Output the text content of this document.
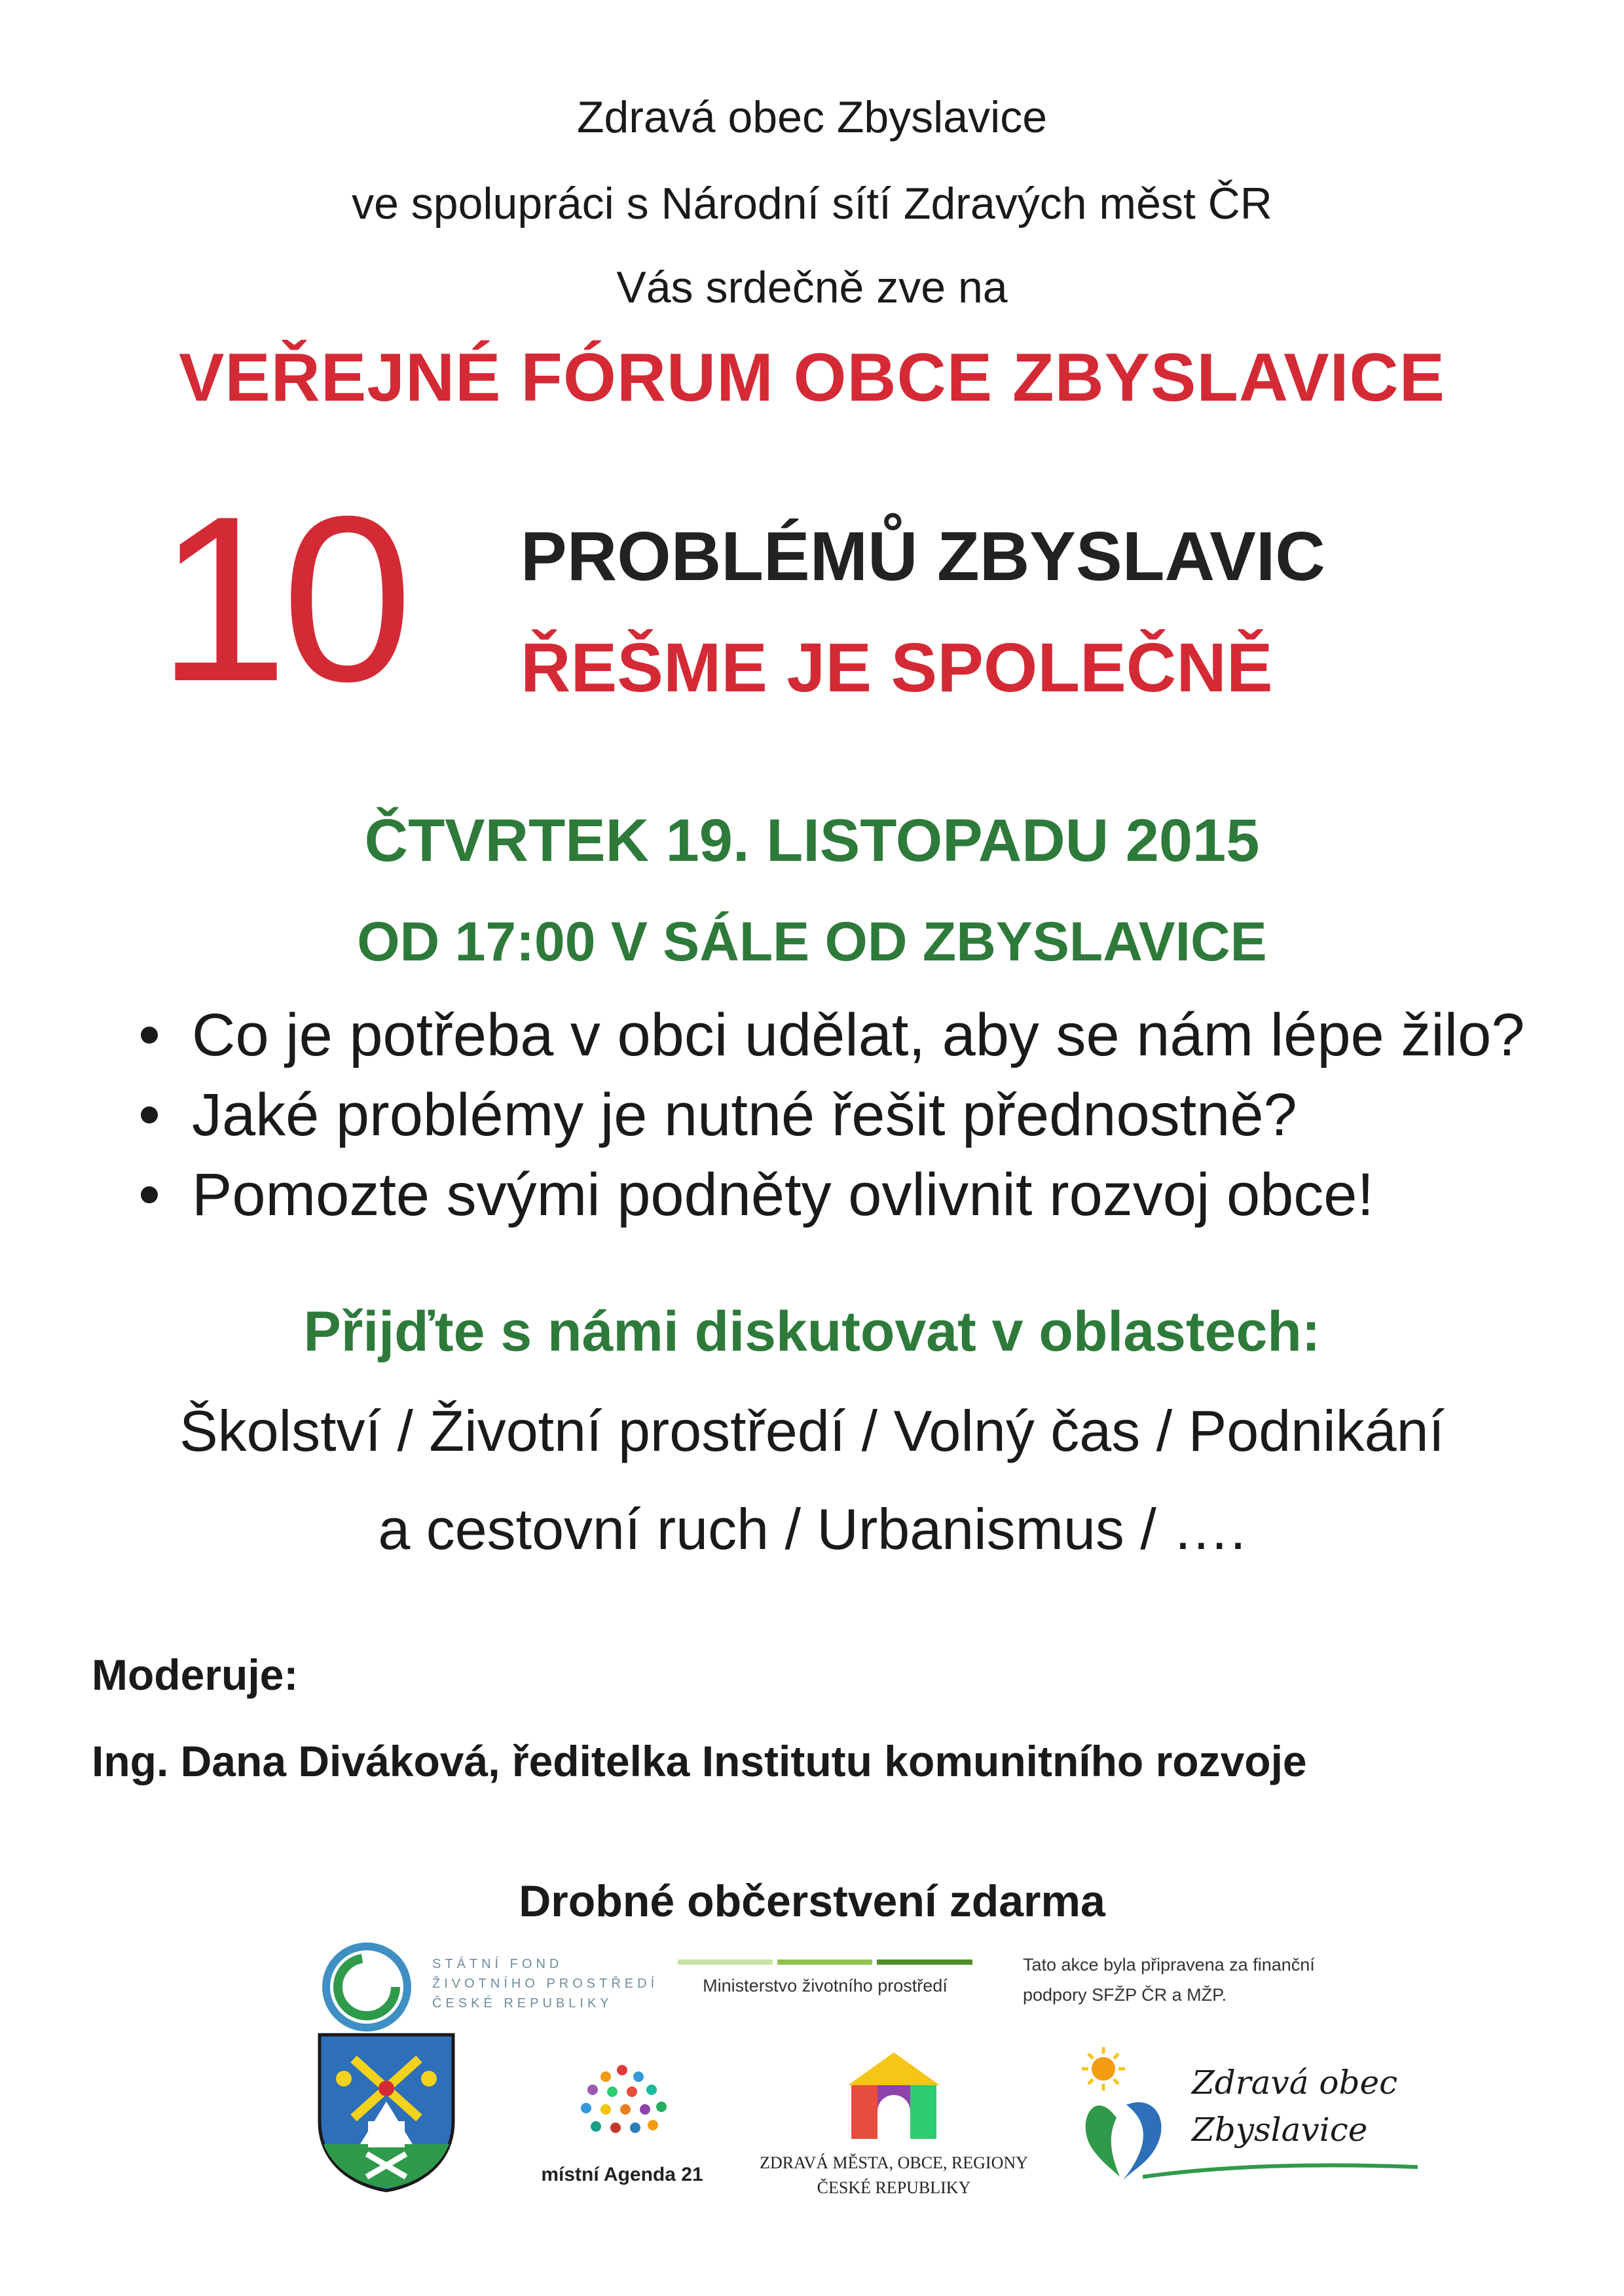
Zdravá obec Zbyslavice
ve spolupráci s Národní sítí Zdravých měst ČR
Vás srdečně zve na
VEŘEJNÉ FÓRUM OBCE ZBYSLAVICE
10 PROBLÉMŮ ZBYSLAVIC
ŘEŠME JE SPOLEČNĚ
ČTVRTEK 19. LISTOPADU 2015
OD 17:00 V SÁLE OD ZBYSLAVICE
Co je potřeba v obci udělat, aby se nám lépe žilo?
Jaké problémy je nutné řešit přednostně?
Pomozte svými podněty ovlivnit rozvoj obce!
Přijďte s námi diskutovat v oblastech:
Školství / Životní prostředí / Volný čas / Podnikání
a cestovní ruch / Urbanismus / ….
Moderuje:
Ing. Dana Diváková, ředitelka Institutu komunitního rozvoje
Drobné občerstvení zdarma
STÁTNÍ FOND
ŽIVOTNÍHO PROSTŘEDÍ
ČESKÉ REPUBLIKY
Ministerstvo životního prostředí
Tato akce byla připravena za finanční
podpory SFŽP ČR a MŽP.
místní Agenda 21
ZDRAVÁ MĚSTA, OBCE, REGIONY
ČESKÉ REPUBLIKY
Zdravá obec
Zbyslavice
